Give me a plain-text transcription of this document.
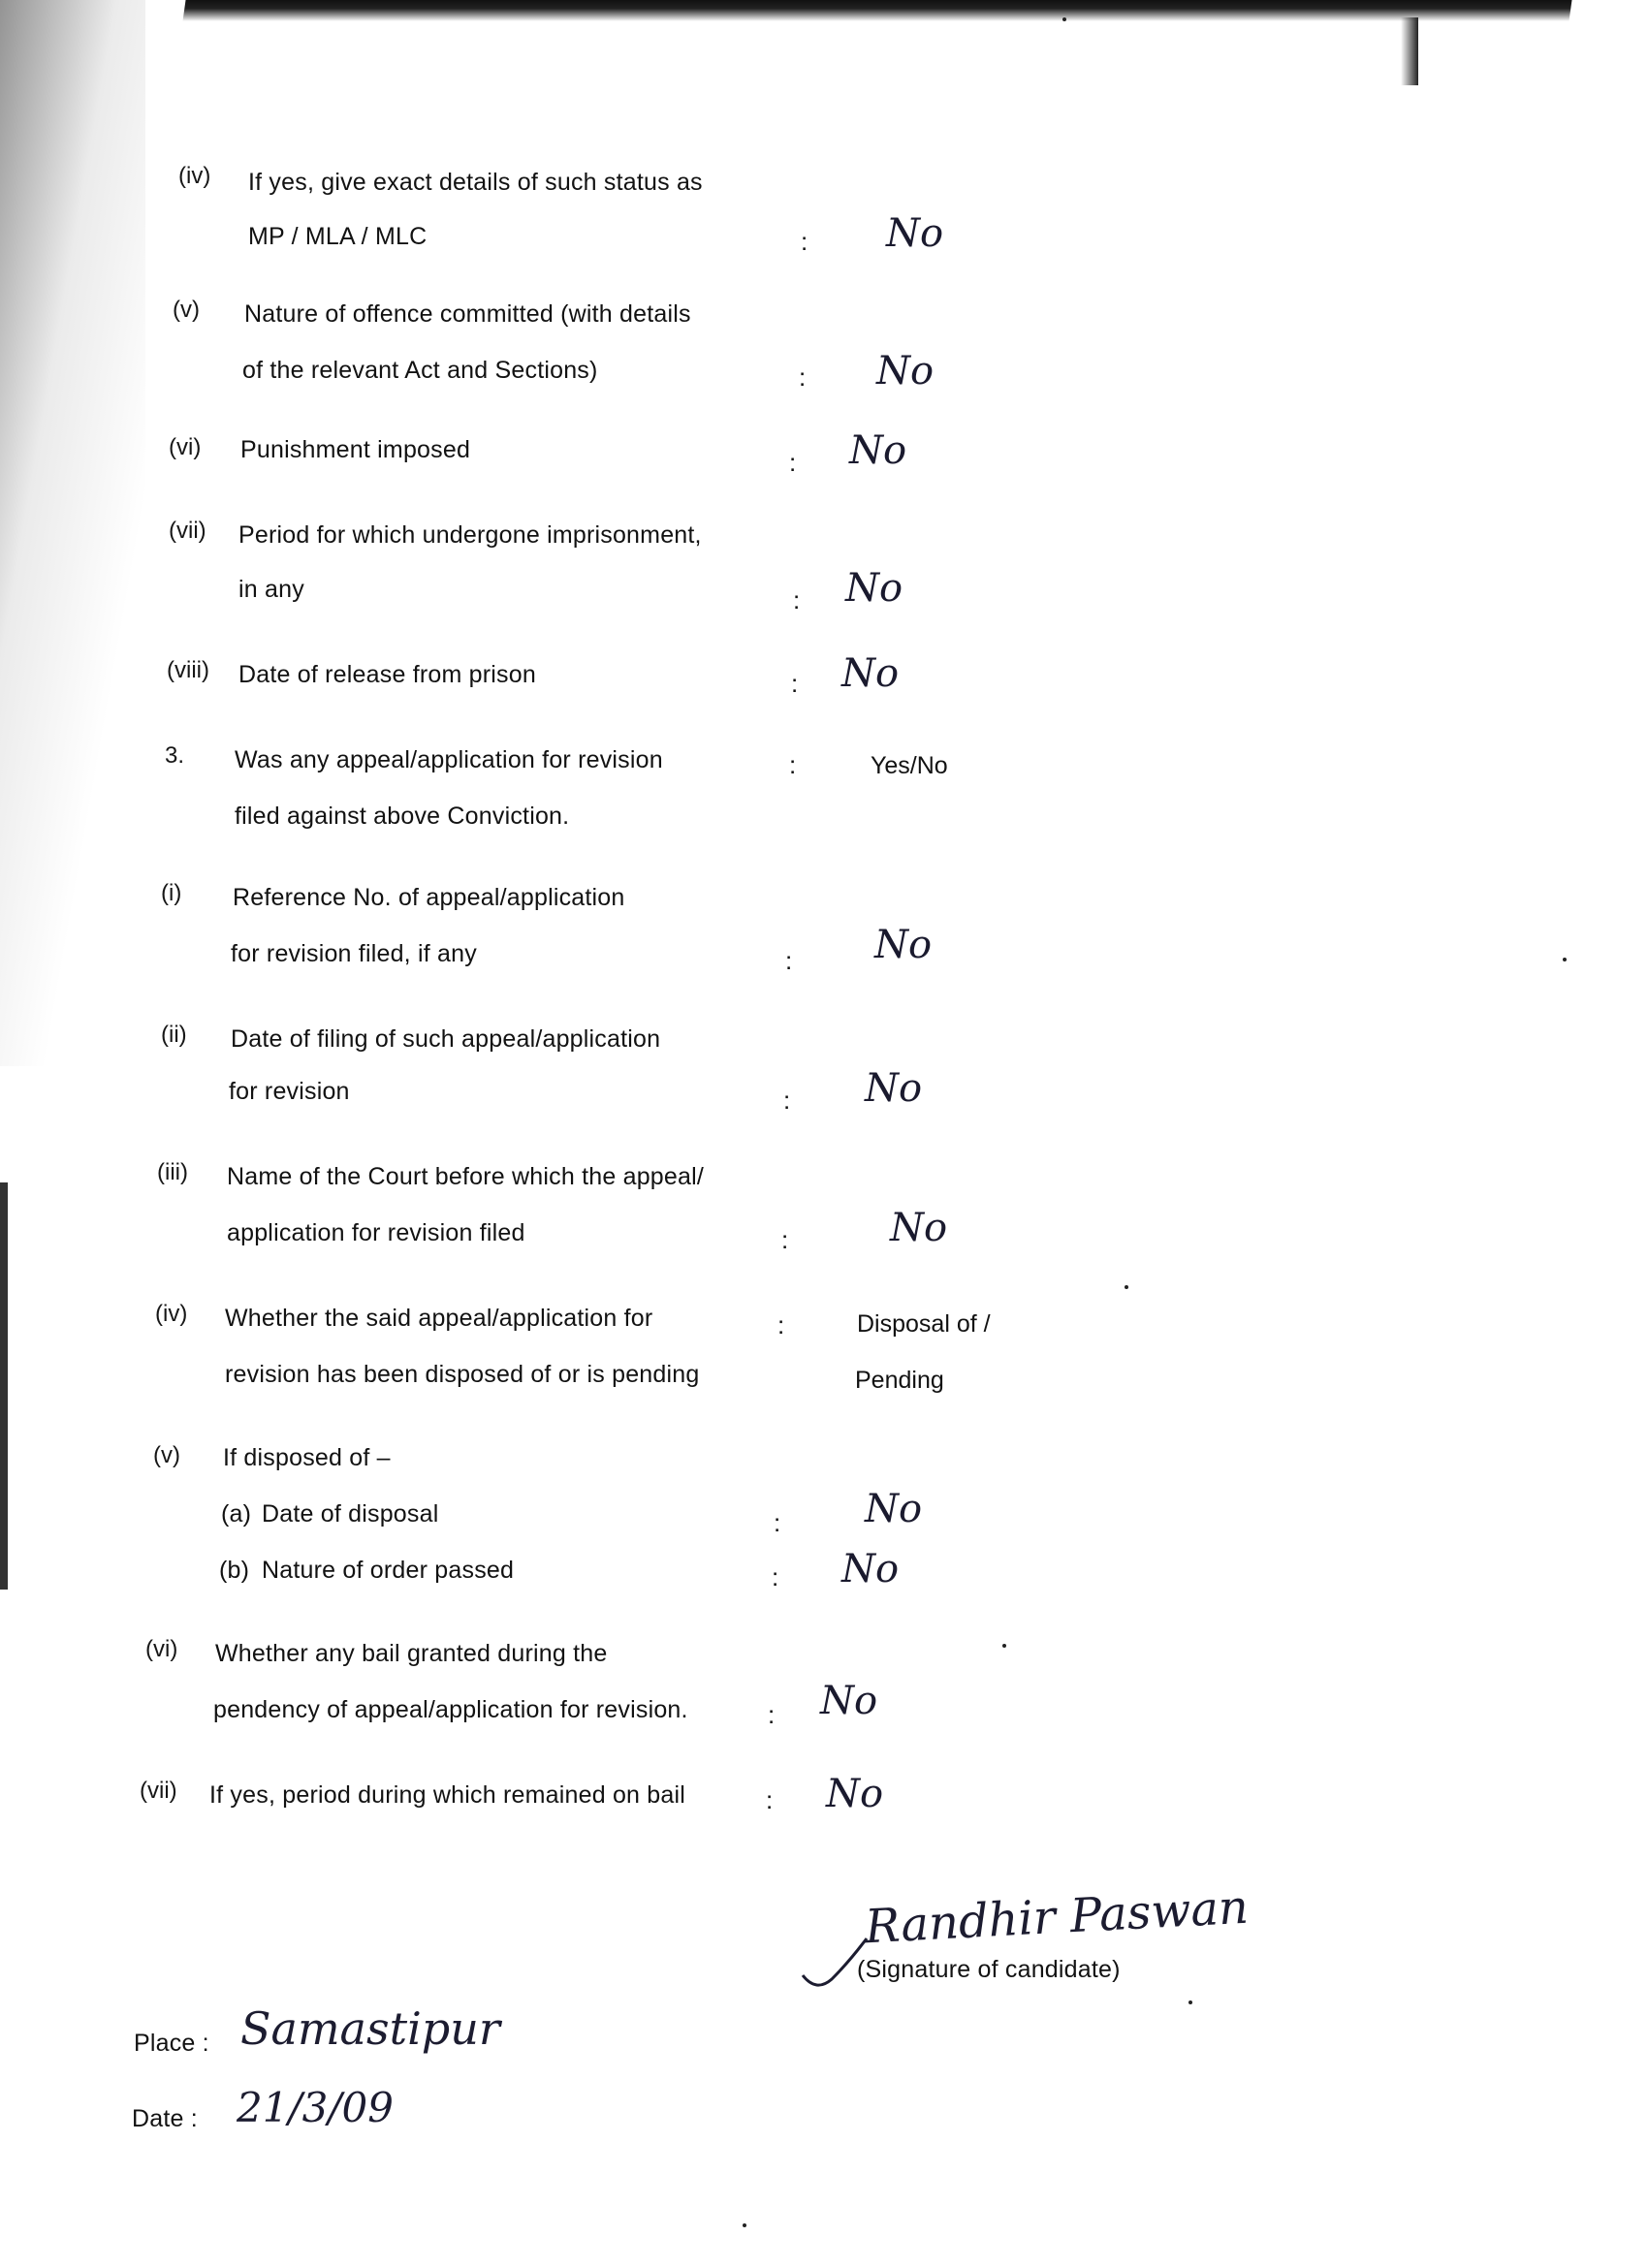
(iv) If yes, give exact details of such status as
MP / MLA / MLC	: No
(v) Nature of offence committed (with details
of the relevant Act and Sections)	: No
(vi) Punishment imposed	: No
(vii) Period for which undergone imprisonment,
in any	: No
(viii) Date of release from prison	: No
3. Was any appeal/application for revision
filed against above Conviction.
:	Yes/No
(i) Reference No. of appeal/application
for revision filed, if any	: No
(ii) Date of filing of such appeal/application
for revision	: No
(iii) Name of the Court before which the appeal/
application for revision filed	:	No
(iv) Whether the said appeal/application for
revision has been disposed of or is pending
:	Disposal of /
Pending
(v) If disposed of –
(a) Date of disposal	: No
(b) Nature of order passed	: No
(vi) Whether any bail granted during the
pendency of appeal/application for revision.	: No
(vii) If yes, period during which remained on bail	: No
Randhir Paswan
(Signature of candidate)
Place : Samastipur
Date : 21/3/09
